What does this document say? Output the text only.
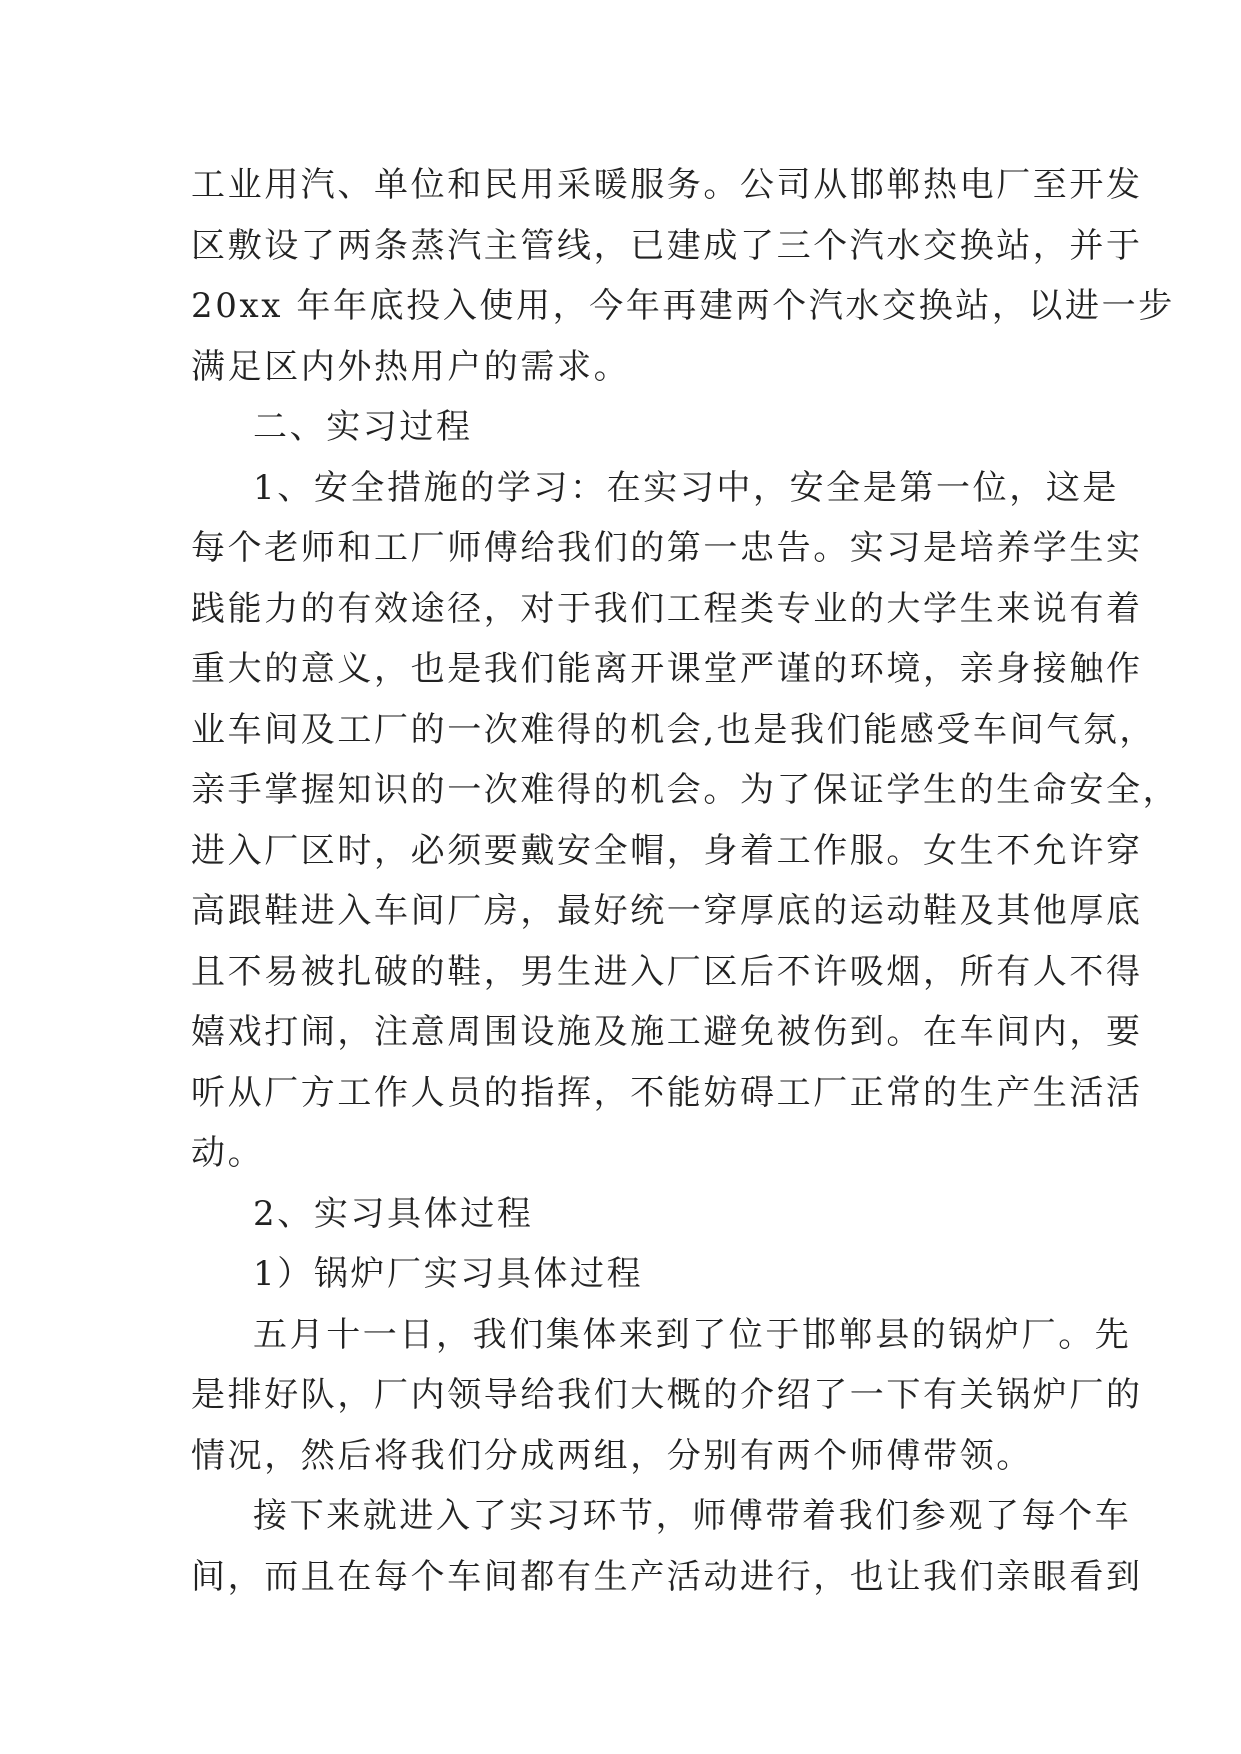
工业用汽、单位和民用采暖服务。公司从邯郸热电厂至开发
区敷设了两条蒸汽主管线，已建成了三个汽水交换站，并于
20xx 年年底投入使用，今年再建两个汽水交换站，以进一步
满足区内外热用户的需求。
二、实习过程
1、安全措施的学习：在实习中，安全是第一位，这是
每个老师和工厂师傅给我们的第一忠告。实习是培养学生实
践能力的有效途径，对于我们工程类专业的大学生来说有着
重大的意义，也是我们能离开课堂严谨的环境，亲身接触作
业车间及工厂的一次难得的机会,也是我们能感受车间气氛，
亲手掌握知识的一次难得的机会。为了保证学生的生命安全，
进入厂区时，必须要戴安全帽，身着工作服。女生不允许穿
高跟鞋进入车间厂房，最好统一穿厚底的运动鞋及其他厚底
且不易被扎破的鞋，男生进入厂区后不许吸烟，所有人不得
嬉戏打闹，注意周围设施及施工避免被伤到。在车间内，要
听从厂方工作人员的指挥，不能妨碍工厂正常的生产生活活
动。
2、实习具体过程
1）锅炉厂实习具体过程
五月十一日，我们集体来到了位于邯郸县的锅炉厂。先
是排好队，厂内领导给我们大概的介绍了一下有关锅炉厂的
情况，然后将我们分成两组，分别有两个师傅带领。
接下来就进入了实习环节，师傅带着我们参观了每个车
间，而且在每个车间都有生产活动进行，也让我们亲眼看到
